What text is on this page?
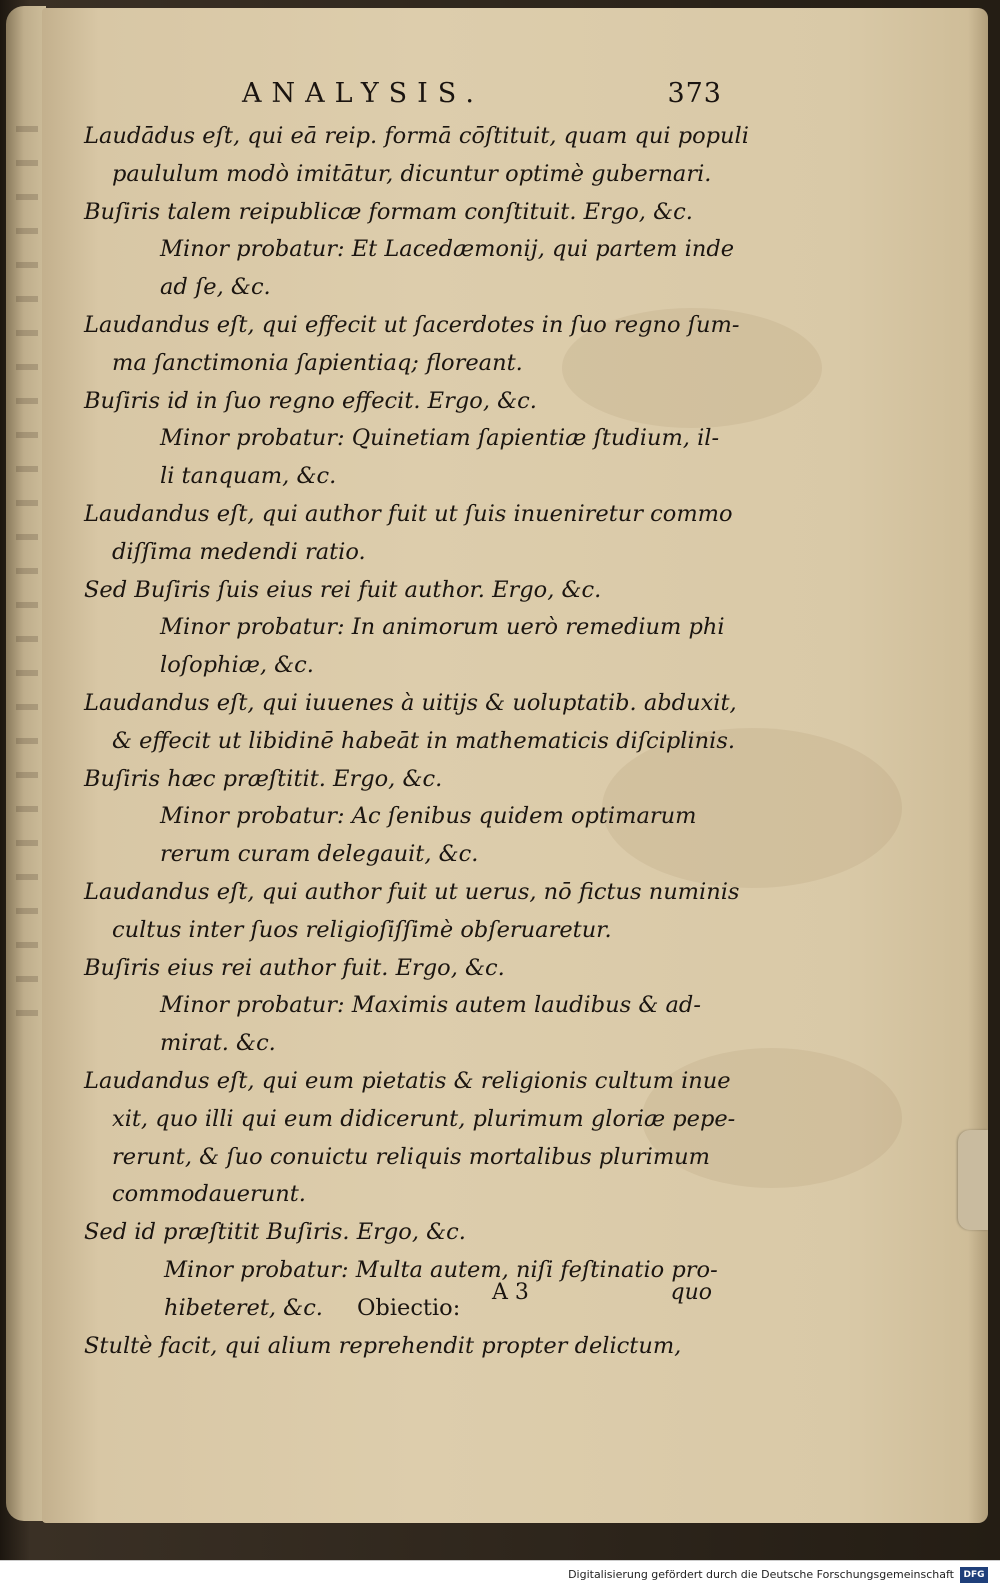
ANALYSIS.	373
Laudādus eſt, qui eā reip. formā cōſtituit, quam qui populi
paululum modò imitātur, dicuntur optimè gubernari.
Buſiris talem reipublicæ formam conſtituit. Ergo, &c.
Minor probatur: Et Lacedæmonij, qui partem inde
ad ſe, &c.
Laudandus eſt, qui effecit ut ſacerdotes in ſuo regno ſum-
ma ſanctimonia ſapientiaq; floreant.
Buſiris id in ſuo regno effecit. Ergo, &c.
Minor probatur: Quinetiam ſapientiæ ſtudium, il-
li tanquam, &c.
Laudandus eſt, qui author fuit ut ſuis inueniretur commo
diſſima medendi ratio.
Sed Buſiris ſuis eius rei fuit author. Ergo, &c.
Minor probatur: In animorum uerò remedium phi
loſophiæ, &c.
Laudandus eſt, qui iuuenes à uitijs & uoluptatib. abduxit,
& effecit ut libidinē habeāt in mathematicis diſciplinis.
Buſiris hæc præſtitit. Ergo, &c.
Minor probatur: Ac ſenibus quidem optimarum
rerum curam delegauit, &c.
Laudandus eſt, qui author fuit ut uerus, nō fictus numinis
cultus inter ſuos religioſiſſimè obſeruaretur.
Buſiris eius rei author fuit. Ergo, &c.
Minor probatur: Maximis autem laudibus & ad-
mirat. &c.
Laudandus eſt, qui eum pietatis & religionis cultum inue
xit, quo illi qui eum didicerunt, plurimum gloriæ pepe-
rerunt, & ſuo conuictu reliquis mortalibus plurimum
commodauerunt.
Sed id præſtitit Buſiris. Ergo, &c.
Minor probatur: Multa autem, niſi feſtinatio pro-
hibeteret, &c. Obiectio:
Stultè facit, qui alium reprehendit propter delictum,
A 3	quo
Digitalisierung gefördert durch die Deutsche Forschungsgemeinschaft	DFG
